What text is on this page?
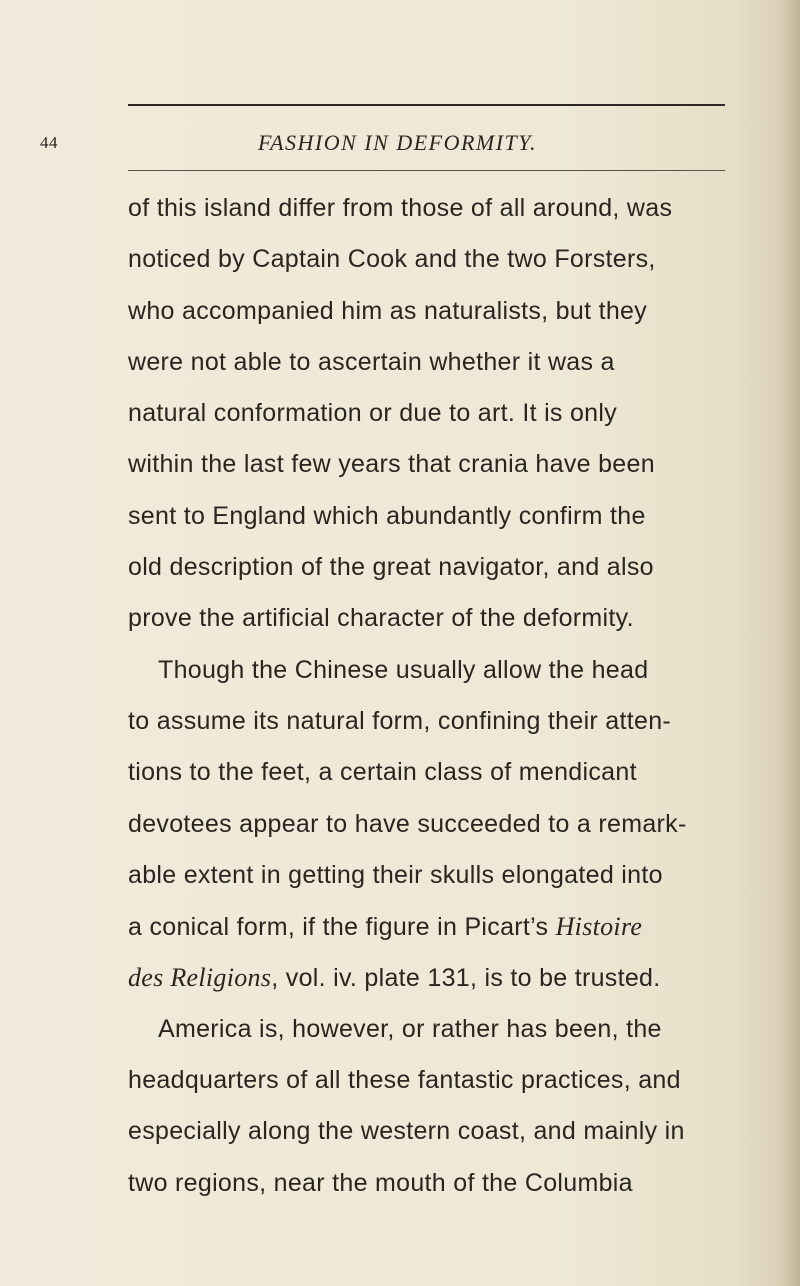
44	FASHION IN DEFORMITY.
of this island differ from those of all around, was
noticed by Captain Cook and the two Forsters,
who accompanied him as naturalists, but they
were not able to ascertain whether it was a
natural conformation or due to art. It is only
within the last few years that crania have been
sent to England which abundantly confirm the
old description of the great navigator, and also
prove the artificial character of the deformity.
Though the Chinese usually allow the head
to assume its natural form, confining their atten-
tions to the feet, a certain class of mendicant
devotees appear to have succeeded to a remark-
able extent in getting their skulls elongated into
a conical form, if the figure in Picart’s Histoire
des Religions, vol. iv. plate 131, is to be trusted.
America is, however, or rather has been, the
headquarters of all these fantastic practices, and
especially along the western coast, and mainly in
two regions, near the mouth of the Columbia
